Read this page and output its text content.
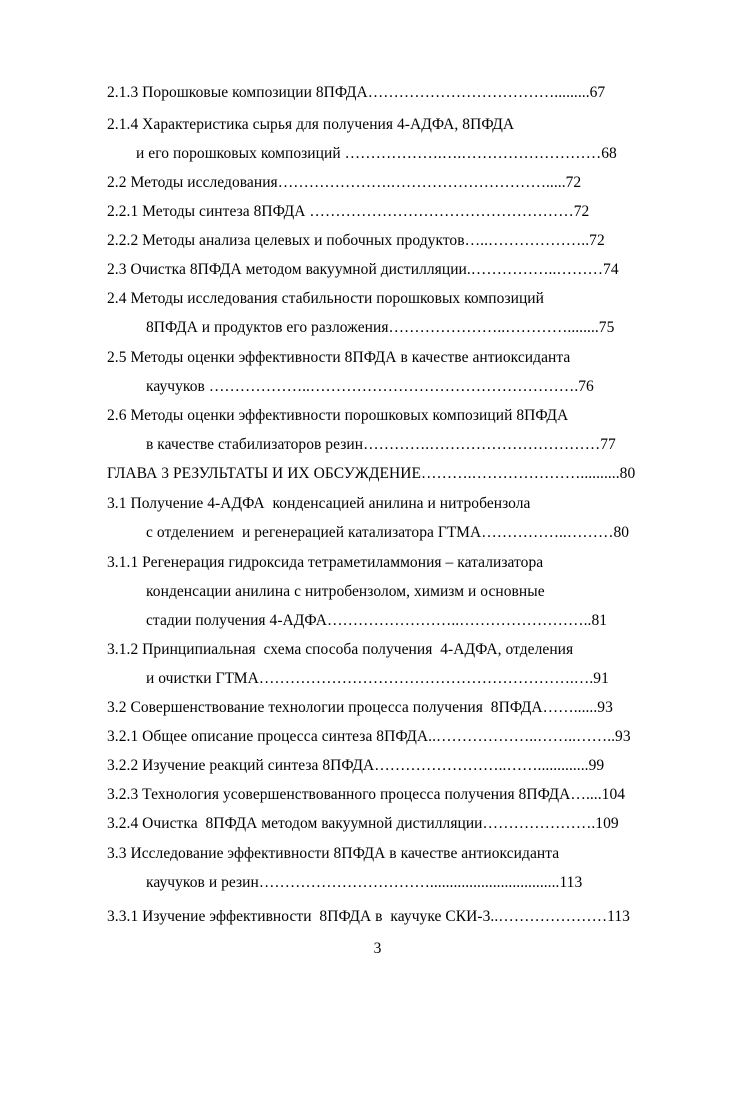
2.1.3 Порошковые композиции 8ПФДА……………………………….........67
2.1.4 Характеристика сырья для получения 4-АДФА, 8ПФДА
и его порошковых композиций ……………….….………………………68
2.2 Методы исследования………………….………………………….....72
2.2.1 Методы синтеза 8ПФДА ……………………………………………72
2.2.2 Методы анализа целевых и побочных продуктов…..………………..72
2.3 Очистка 8ПФДА методом вакуумной дистилляции.……………..………74
2.4 Методы исследования стабильности порошковых композиций
8ПФДА и продуктов его разложения…………………..…………........75
2.5 Методы оценки эффективности 8ПФДА в качестве антиоксиданта
каучуков ………………..…………………………………………….76
2.6 Методы оценки эффективности порошковых композиций 8ПФДА
в качестве стабилизаторов резин………….……………………………77
ГЛАВА 3 РЕЗУЛЬТАТЫ И ИХ ОБСУЖДЕНИЕ……….…………………..........80
3.1 Получение 4-АДФА  конденсацией анилина и нитробензола
с отделением  и регенерацией катализатора ГТМА……………..………80
3.1.1 Регенерация гидроксида тетраметиламмония – катализатора
конденсации анилина с нитробензолом, химизм и основные
стадии получения 4-АДФА……………………..……………………..81
3.1.2 Принципиальная  схема способа получения  4-АДФА, отделения
и очистки ГТМА…………………………………………………….….91
3.2 Совершенствование технологии процесса получения  8ПФДА……......93
3.2.1 Общее описание процесса синтеза 8ПФДА..………………..……..……..93
3.2.2 Изучение реакций синтеза 8ПФДА……………………..…….............99
3.2.3 Технология усовершенствованного процесса получения 8ПФДА…....104
3.2.4 Очистка  8ПФДА методом вакуумной дистилляции………………….109
3.3 Исследование эффективности 8ПФДА в качестве антиоксиданта
каучуков и резин…………………………….................................113
3.3.1 Изучение эффективности  8ПФДА в  каучуке СКИ-3..…………………113
3
